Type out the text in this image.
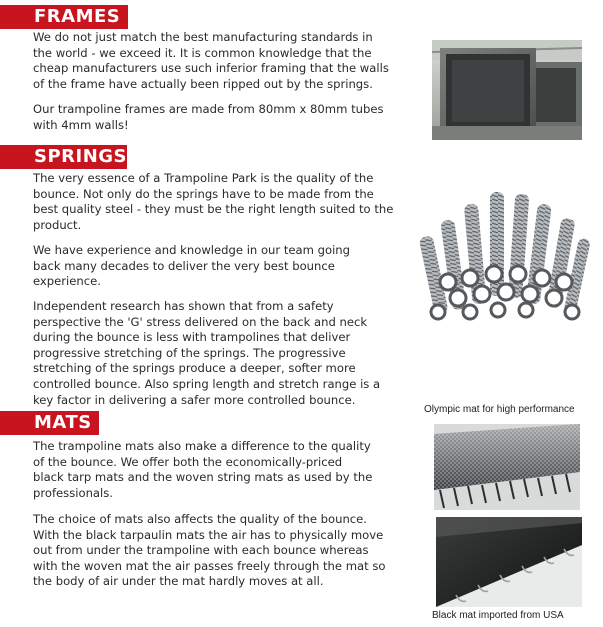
FRAMES

We do not just match the best manufacturing standards in
the world - we exceed it. It is common knowledge that the
cheap manufacturers use such inferior framing that the walls
of the frame have actually been ripped out by the springs.

Our trampoline frames are made from 80mm x 80mm tubes
with 4mm walls!

SPRINGS

The very essence of a Trampoline Park is the quality of the
bounce. Not only do the springs have to be made from the
best quality steel - they must be the right length suited to the
product.

We have experience and knowledge in our team going
back many decades to deliver the very best bounce
experience.

Independent research has shown that from a safety
perspective the 'G' stress delivered on the back and neck
during the bounce is less with trampolines that deliver
progressive stretching of the springs. The progressive
stretching of the springs produce a deeper, softer more
controlled bounce. Also spring length and stretch range is a
key factor in delivering a safer more controlled bounce.

MATS

The trampoline mats also make a difference to the quality
of the bounce. We offer both the economically-priced
black tarp mats and the woven string mats as used by the
professionals.

The choice of mats also affects the quality of the bounce.
With the black tarpaulin mats the air has to physically move
out from under the trampoline with each bounce whereas
with the woven mat the air passes freely through the mat so
the body of air under the mat hardly moves at all.

Olympic mat for high performance
Black mat imported from USA
